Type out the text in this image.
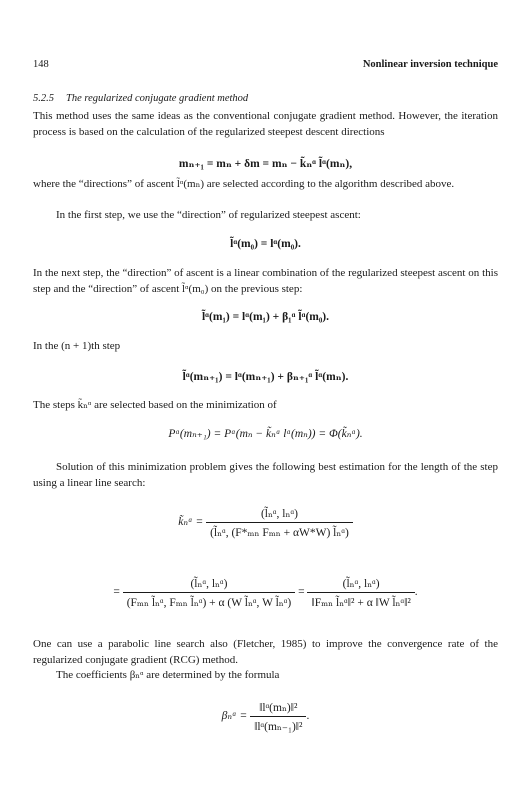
148	Nonlinear inversion technique
5.2.5 The regularized conjugate gradient method
This method uses the same ideas as the conventional conjugate gradient method. However, the iteration process is based on the calculation of the regularized steepest descent directions
mₙ₊₁ = mₙ + δm = mₙ − k̃ₙᵅ l̃ᵅ(mₙ),
where the “directions” of ascent l̃ᵅ(mₙ) are selected according to the algorithm described above.
In the first step, we use the “direction” of regularized steepest ascent:
l̃ᵅ(m₀) = lᵅ(m₀).
In the next step, the “direction” of ascent is a linear combination of the regularized steepest ascent on this step and the “direction” of ascent l̃ᵅ(m₀) on the previous step:
l̃ᵅ(m₁) = lᵅ(m₁) + β₁ᵅ l̃ᵅ(m₀).
In the (n + 1)th step
l̃ᵅ(mₙ₊₁) = lᵅ(mₙ₊₁) + βₙ₊₁ᵅ l̃ᵅ(mₙ).
The steps k̃ₙᵅ are selected based on the minimization of
Pᵅ(mₙ₊₁) = Pᵅ(mₙ − k̃ₙᵅ lᵅ(mₙ)) = Φ(k̃ₙᵅ).
Solution of this minimization problem gives the following best estimation for the length of the step using a linear line search:
k̃ₙᵅ = $\frac{\text{(l̃ₙᵅ, lₙᵅ)}}{\text{(l̃ₙᵅ, (F*ₘₙ Fₘₙ + αW*W) l̃ₙᵅ)}}$
= $\frac{\text{(l̃ₙᵅ, lₙᵅ)}}{\text{(Fₘₙ l̃ₙᵅ, Fₘₙ l̃ₙᵅ) + α (W l̃ₙᵅ, W l̃ₙᵅ)}} = \frac{\text{(l̃ₙᵅ, lₙᵅ)}}{\text{‖Fₘₙ l̃ₙᵅ‖² + α ‖W l̃ₙᵅ‖²}}$ .
One can use a parabolic line search also (Fletcher, 1985) to improve the convergence rate of the regularized conjugate gradient (RCG) method.
The coefficients βₙᵅ are determined by the formula
βₙᵅ = $\frac{\text{‖lᵅ(mₙ)‖²}}{\text{‖lᵅ(mₙ₋₁)‖²}}$ .
